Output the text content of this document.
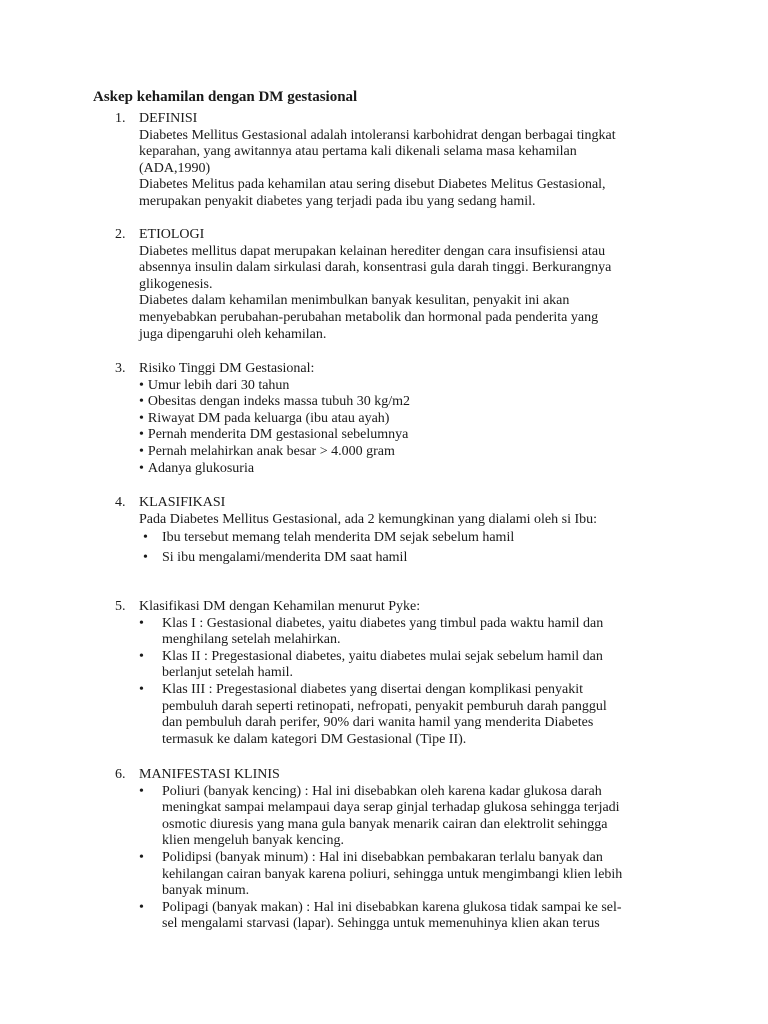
Askep kehamilan dengan DM gestasional
1. DEFINISI
Diabetes Mellitus Gestasional adalah intoleransi karbohidrat dengan berbagai tingkat
keparahan, yang awitannya atau pertama kali dikenali selama masa kehamilan
(ADA,1990)
Diabetes Melitus pada kehamilan atau sering disebut Diabetes Melitus Gestasional,
merupakan penyakit diabetes yang terjadi pada ibu yang sedang hamil.
2. ETIOLOGI
Diabetes mellitus dapat merupakan kelainan herediter dengan cara insufisiensi atau
absennya insulin dalam sirkulasi darah, konsentrasi gula darah tinggi. Berkurangnya
glikogenesis.
Diabetes dalam kehamilan menimbulkan banyak kesulitan, penyakit ini akan
menyebabkan perubahan-perubahan metabolik dan hormonal pada penderita yang
juga dipengaruhi oleh kehamilan.
3. Risiko Tinggi DM Gestasional:
• Umur lebih dari 30 tahun
• Obesitas dengan indeks massa tubuh 30 kg/m2
• Riwayat DM pada keluarga (ibu atau ayah)
• Pernah menderita DM gestasional sebelumnya
• Pernah melahirkan anak besar > 4.000 gram
• Adanya glukosuria
4. KLASIFIKASI
Pada Diabetes Mellitus Gestasional, ada 2 kemungkinan yang dialami oleh si Ibu:
• Ibu tersebut memang telah menderita DM sejak sebelum hamil
• Si ibu mengalami/menderita DM saat hamil
5. Klasifikasi DM dengan Kehamilan menurut Pyke:
• Klas I : Gestasional diabetes, yaitu diabetes yang timbul pada waktu hamil dan
menghilang setelah melahirkan.
• Klas II : Pregestasional diabetes, yaitu diabetes mulai sejak sebelum hamil dan
berlanjut setelah hamil.
• Klas III : Pregestasional diabetes yang disertai dengan komplikasi penyakit
pembuluh darah seperti retinopati, nefropati, penyakit pemburuh darah panggul
dan pembuluh darah perifer, 90% dari wanita hamil yang menderita Diabetes
termasuk ke dalam kategori DM Gestasional (Tipe II).
6. MANIFESTASI KLINIS
• Poliuri (banyak kencing) : Hal ini disebabkan oleh karena kadar glukosa darah
meningkat sampai melampaui daya serap ginjal terhadap glukosa sehingga terjadi
osmotic diuresis yang mana gula banyak menarik cairan dan elektrolit sehingga
klien mengeluh banyak kencing.
• Polidipsi (banyak minum) : Hal ini disebabkan pembakaran terlalu banyak dan
kehilangan cairan banyak karena poliuri, sehingga untuk mengimbangi klien lebih
banyak minum.
• Polipagi (banyak makan) : Hal ini disebabkan karena glukosa tidak sampai ke sel-
sel mengalami starvasi (lapar). Sehingga untuk memenuhinya klien akan terus
